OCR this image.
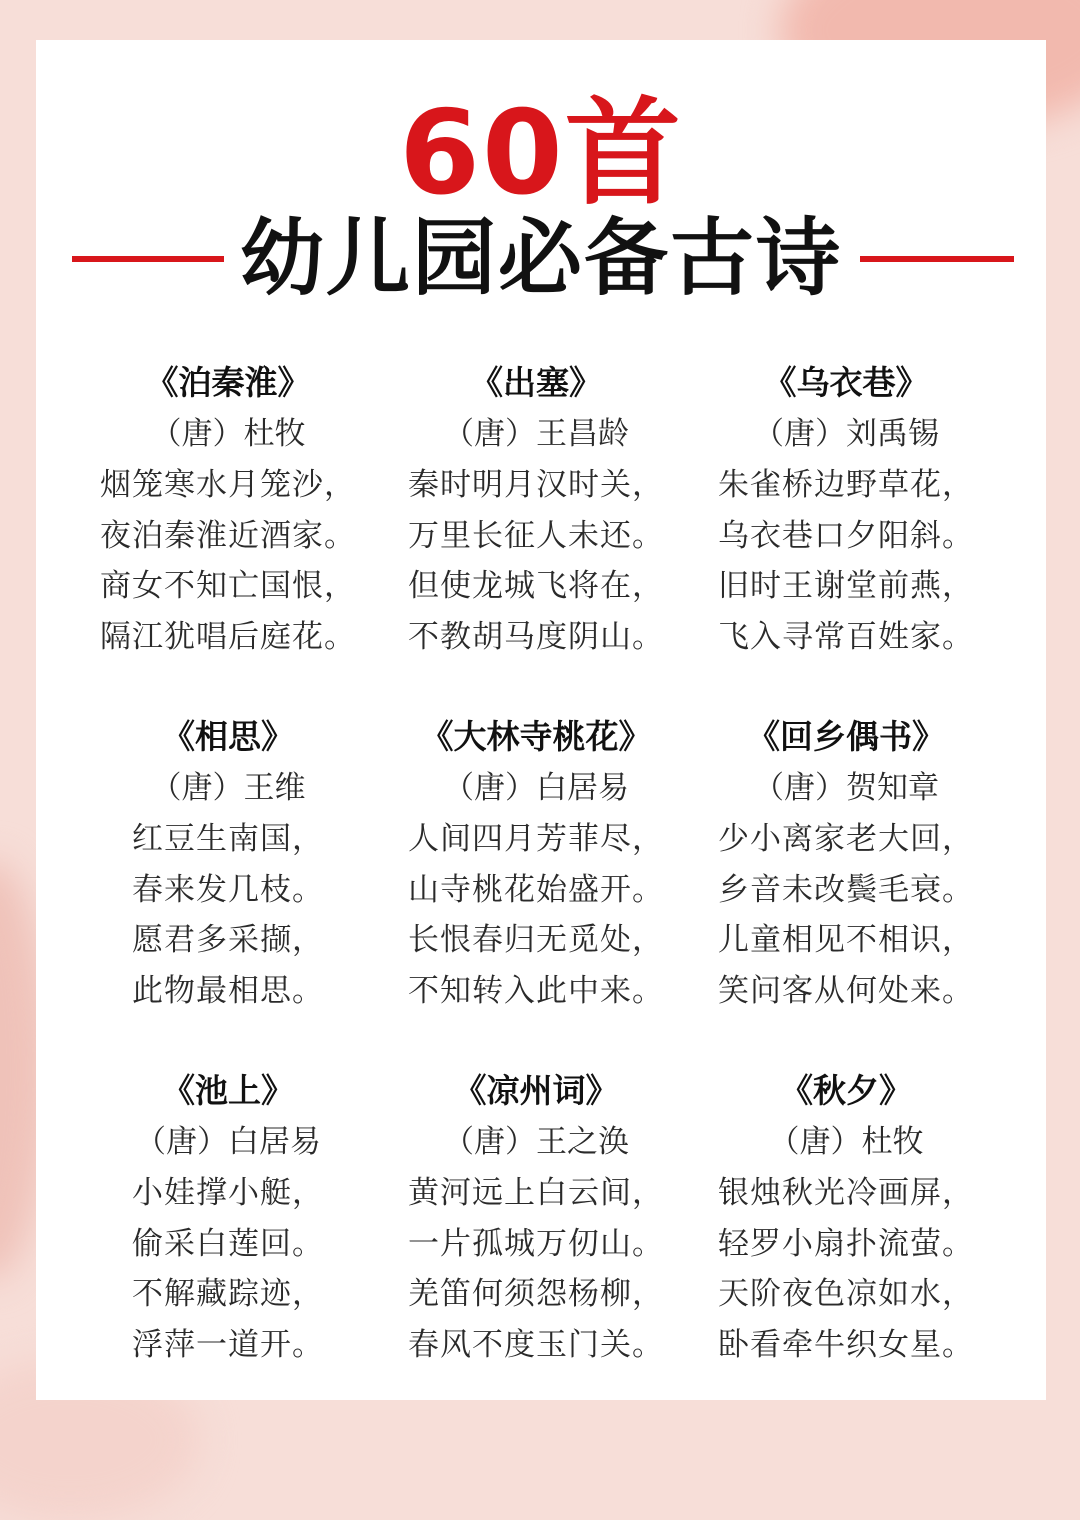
60首
幼儿园必备古诗
《泊秦淮》
（唐）杜牧
烟笼寒水月笼沙，
夜泊秦淮近酒家。
商女不知亡国恨，
隔江犹唱后庭花。
《出塞》
（唐）王昌龄
秦时明月汉时关，
万里长征人未还。
但使龙城飞将在，
不教胡马度阴山。
《乌衣巷》
（唐）刘禹锡
朱雀桥边野草花，
乌衣巷口夕阳斜。
旧时王谢堂前燕，
飞入寻常百姓家。
《相思》
（唐）王维
红豆生南国，
春来发几枝。
愿君多采撷，
此物最相思。
《大林寺桃花》
（唐）白居易
人间四月芳菲尽，
山寺桃花始盛开。
长恨春归无觅处，
不知转入此中来。
《回乡偶书》
（唐）贺知章
少小离家老大回，
乡音未改鬓毛衰。
儿童相见不相识，
笑问客从何处来。
《池上》
（唐）白居易
小娃撑小艇，
偷采白莲回。
不解藏踪迹，
浮萍一道开。
《凉州词》
（唐）王之涣
黄河远上白云间，
一片孤城万仞山。
羌笛何须怨杨柳，
春风不度玉门关。
《秋夕》
（唐）杜牧
银烛秋光冷画屏，
轻罗小扇扑流萤。
天阶夜色凉如水，
卧看牵牛织女星。
